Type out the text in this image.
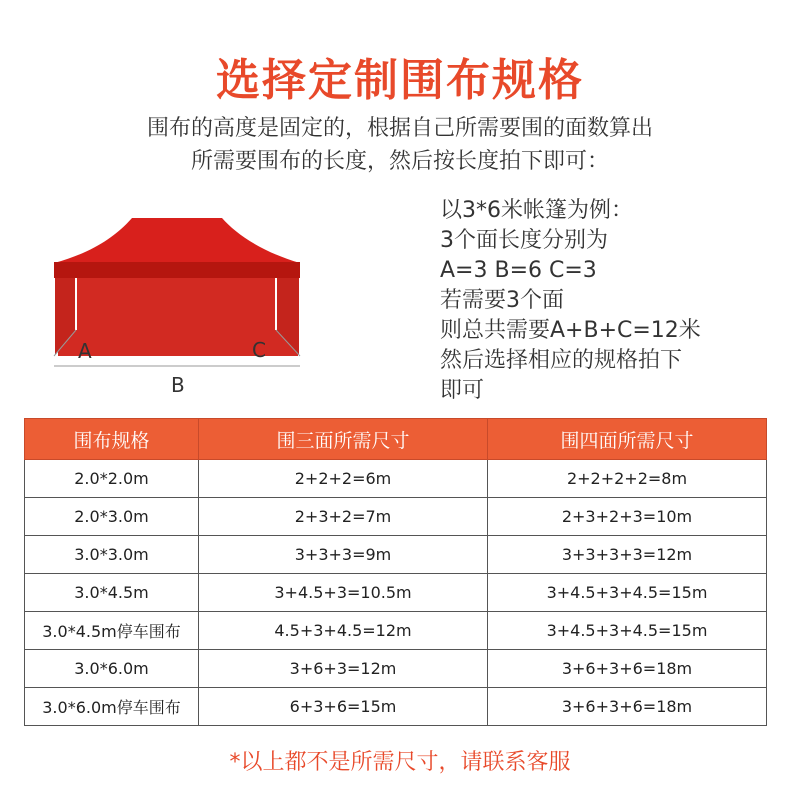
选择定制围布规格
围布的高度是固定的，根据自己所需要围的面数算出
所需要围布的长度，然后按长度拍下即可：
A	C
B
以3*6米帐篷为例：
3个面长度分别为
A=3 B=6 C=3
若需要3个面
则总共需要A+B+C=12米
然后选择相应的规格拍下
即可
围布规格	围三面所需尺寸	围四面所需尺寸
2.0*2.0m	2+2+2=6m	2+2+2+2=8m
2.0*3.0m	2+3+2=7m	2+3+2+3=10m
3.0*3.0m	3+3+3=9m	3+3+3+3=12m
3.0*4.5m	3+4.5+3=10.5m	3+4.5+3+4.5=15m
3.0*4.5m停车围布	4.5+3+4.5=12m	3+4.5+3+4.5=15m
3.0*6.0m	3+6+3=12m	3+6+3+6=18m
3.0*6.0m停车围布	6+3+6=15m	3+6+3+6=18m
*以上都不是所需尺寸，请联系客服
